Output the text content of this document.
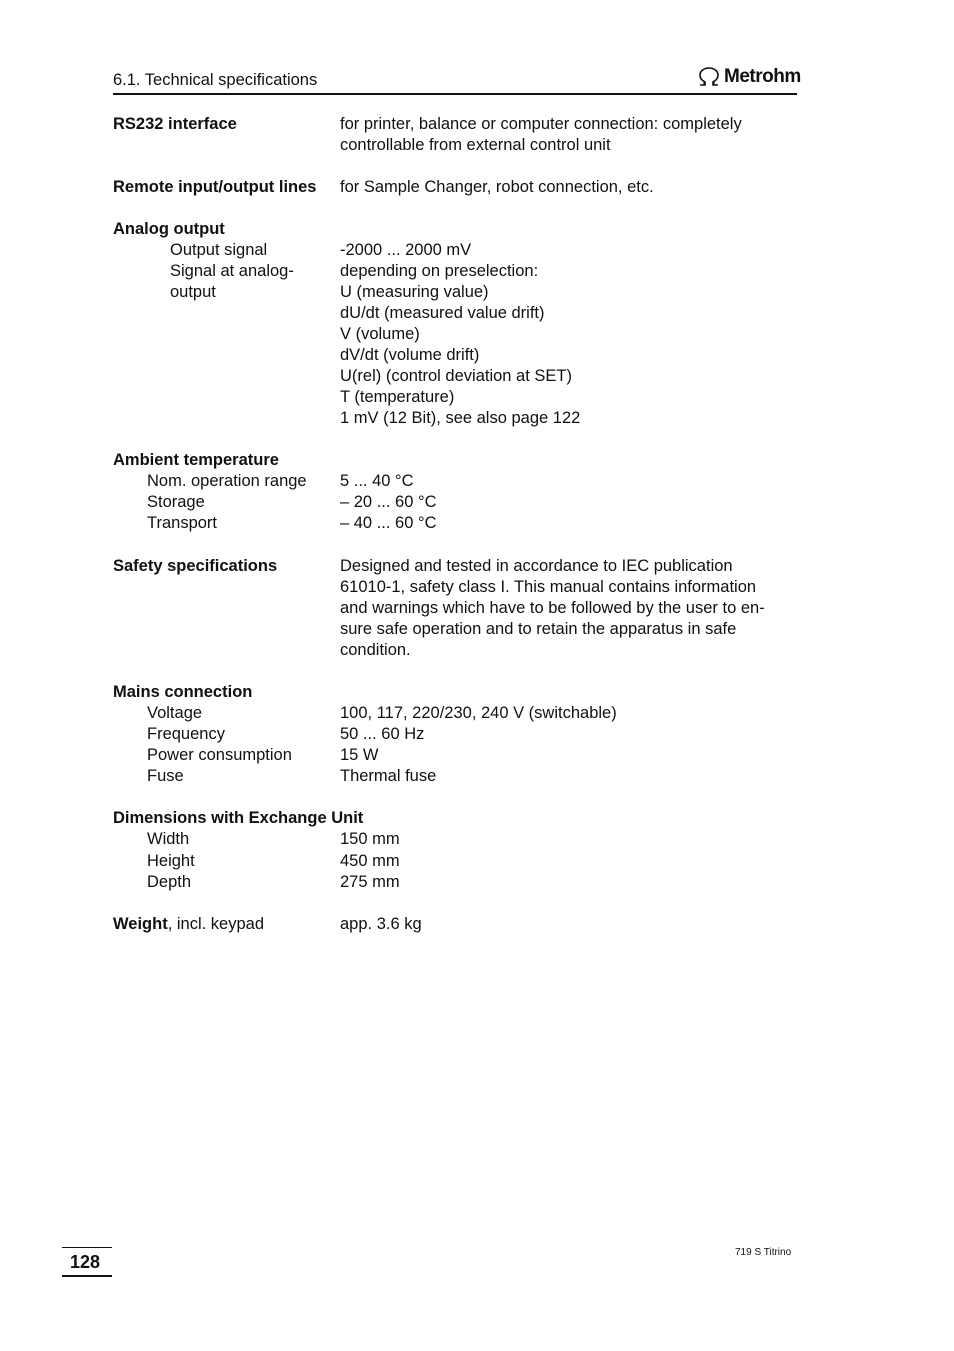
6.1. Technical specifications	Metrohm
RS232 interface	for printer, balance or computer connection: completely
controllable from external control unit
Remote input/output lines for Sample Changer, robot connection, etc.
Analog output
Output signal	-2000 ... 2000 mV
Signal at analog-	depending on preselection:
output	U (measuring value)
dU/dt (measured value drift)
V (volume)
dV/dt (volume drift)
U(rel) (control deviation at SET)
T (temperature)
1 mV (12 Bit), see also page 122
Ambient temperature
Nom. operation range 5 ... 40 °C
Storage	– 20 ... 60 °C
Transport	– 40 ... 60 °C
Safety specifications	Designed and tested in accordance to IEC publication
61010-1, safety class I. This manual contains information
and warnings which have to be followed by the user to en-
sure safe operation and to retain the apparatus in safe
condition.
Mains connection
Voltage	100, 117, 220/230, 240 V (switchable)
Frequency	50 ... 60 Hz
Power consumption	15 W
Fuse	Thermal fuse
Dimensions with Exchange Unit
Width	150 mm
Height	450 mm
Depth	275 mm
Weight, incl. keypad	app. 3.6 kg
128	719 S Titrino
